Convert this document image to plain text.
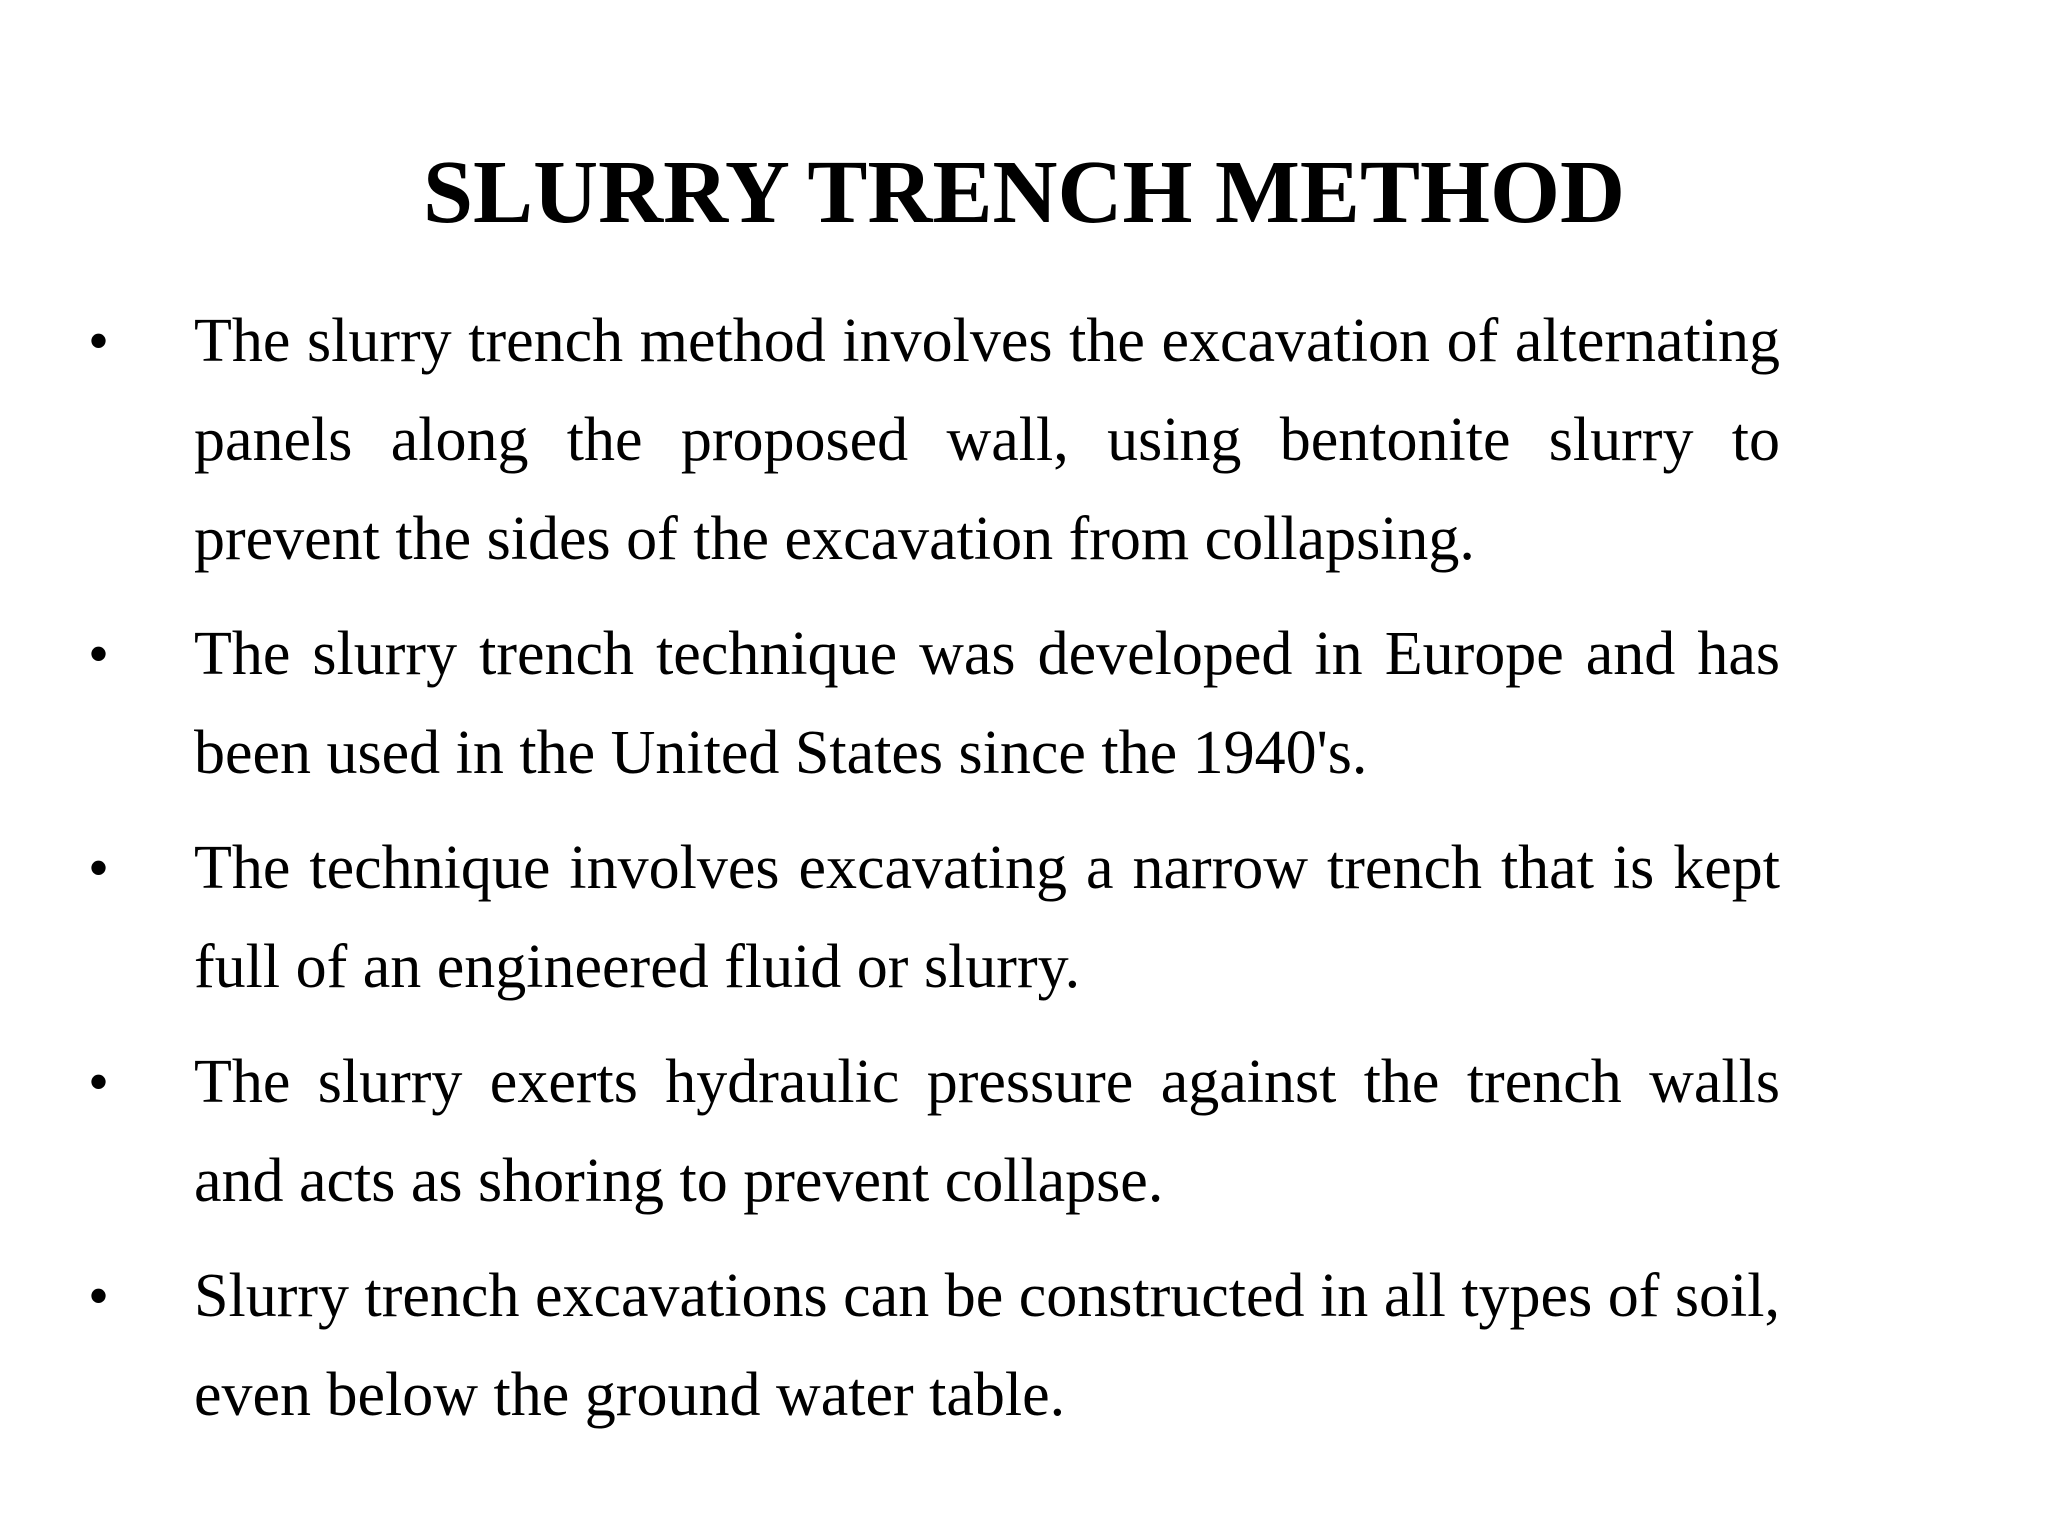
SLURRY TRENCH METHOD
• The slurry trench method involves the excavation of alternating panels along the proposed wall, using bentonite slurry to prevent the sides of the excavation from collapsing.
• The slurry trench technique was developed in Europe and has been used in the United States since the 1940's.
• The technique involves excavating a narrow trench that is kept full of an engineered fluid or slurry.
• The slurry exerts hydraulic pressure against the trench walls and acts as shoring to prevent collapse.
• Slurry trench excavations can be constructed in all types of soil, even below the ground water table.
